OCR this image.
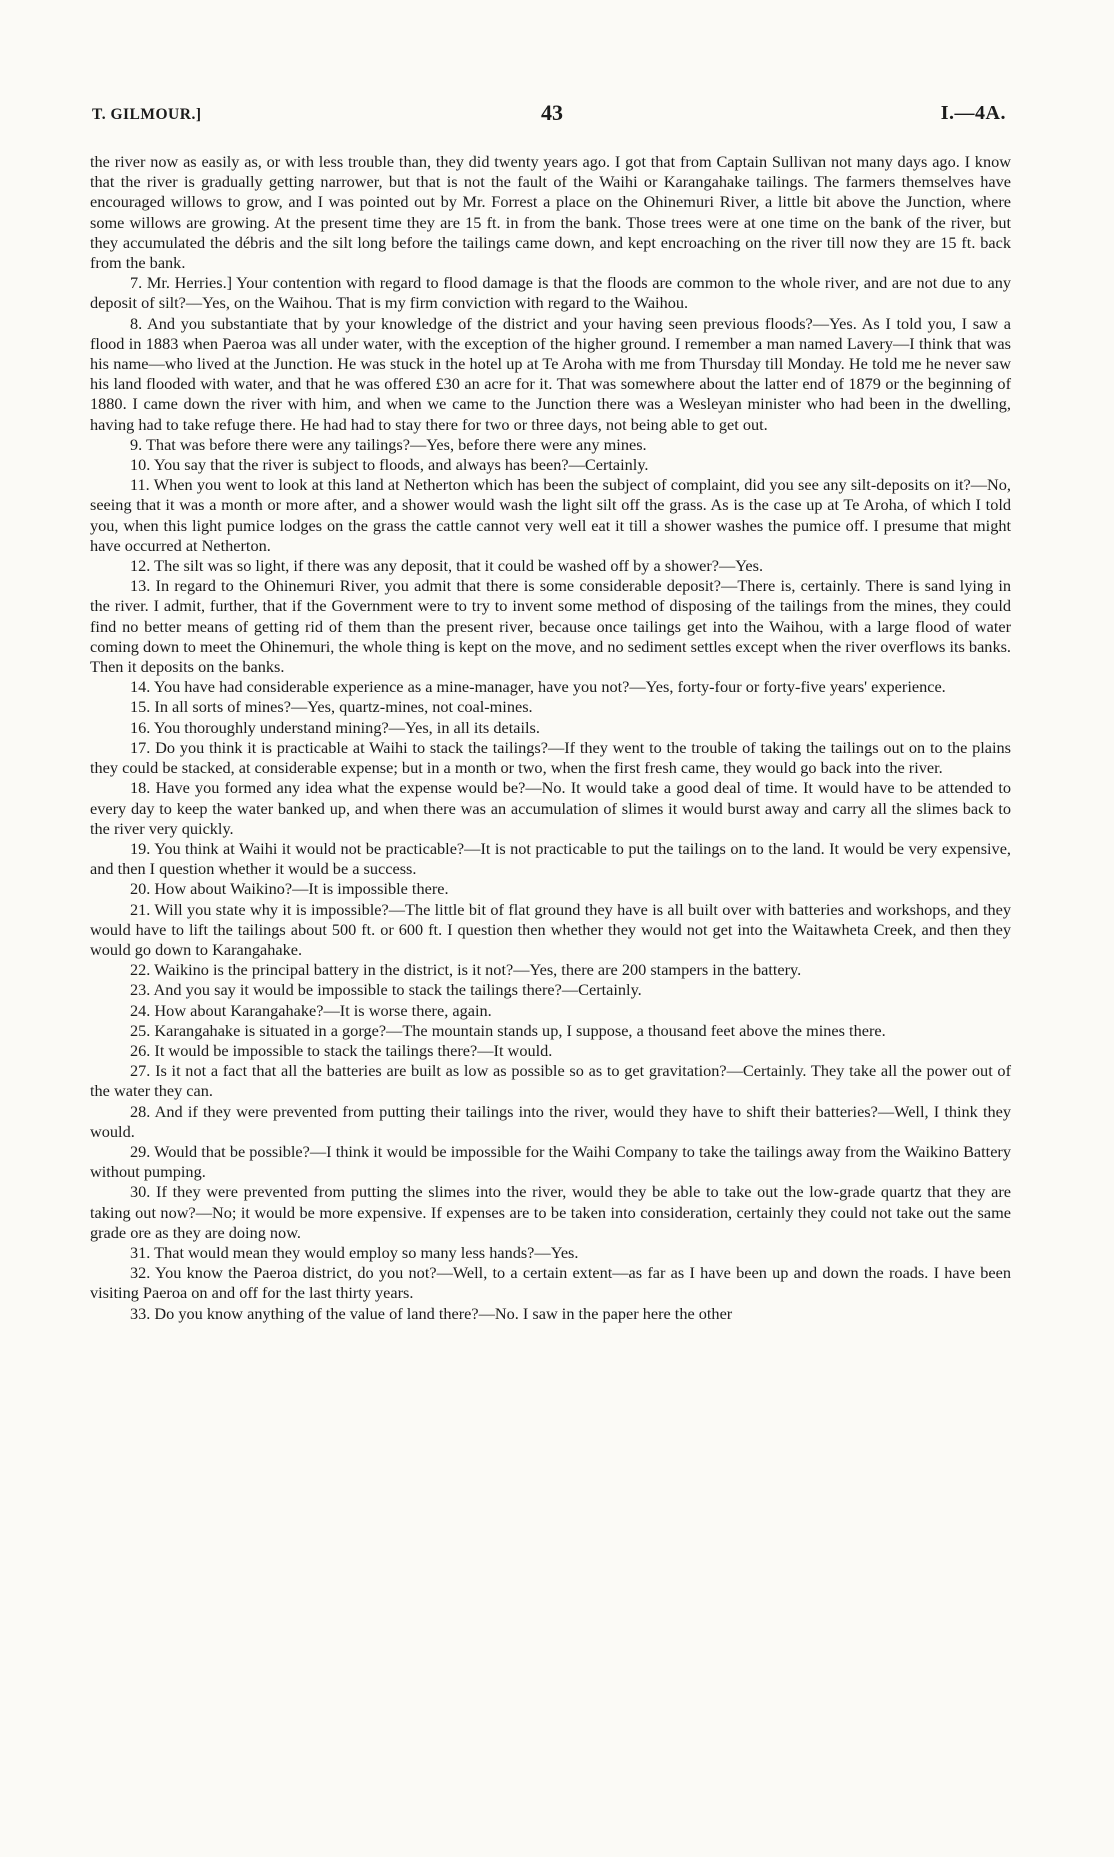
T. GILMOUR.]	43	I.—4A.

the river now as easily as, or with less trouble than, they did twenty years ago. I got that from Captain Sullivan not many days ago. I know that the river is gradually getting narrower, but that is not the fault of the Waihi or Karangahake tailings. The farmers themselves have encouraged willows to grow, and I was pointed out by Mr. Forrest a place on the Ohinemuri River, a little bit above the Junction, where some willows are growing. At the present time they are 15 ft. in from the bank. Those trees were at one time on the bank of the river, but they accumulated the débris and the silt long before the tailings came down, and kept encroaching on the river till now they are 15 ft. back from the bank.

7. Mr. Herries.] Your contention with regard to flood damage is that the floods are common to the whole river, and are not due to any deposit of silt?—Yes, on the Waihou. That is my firm conviction with regard to the Waihou.

8. And you substantiate that by your knowledge of the district and your having seen previous floods?—Yes. As I told you, I saw a flood in 1883 when Paeroa was all under water, with the exception of the higher ground. I remember a man named Lavery—I think that was his name—who lived at the Junction. He was stuck in the hotel up at Te Aroha with me from Thursday till Monday. He told me he never saw his land flooded with water, and that he was offered £30 an acre for it. That was somewhere about the latter end of 1879 or the beginning of 1880. I came down the river with him, and when we came to the Junction there was a Wesleyan minister who had been in the dwelling, having had to take refuge there. He had had to stay there for two or three days, not being able to get out.

9. That was before there were any tailings?—Yes, before there were any mines.

10. You say that the river is subject to floods, and always has been?—Certainly.

11. When you went to look at this land at Netherton which has been the subject of complaint, did you see any silt-deposits on it?—No, seeing that it was a month or more after, and a shower would wash the light silt off the grass. As is the case up at Te Aroha, of which I told you, when this light pumice lodges on the grass the cattle cannot very well eat it till a shower washes the pumice off. I presume that might have occurred at Netherton.

12. The silt was so light, if there was any deposit, that it could be washed off by a shower?—Yes.

13. In regard to the Ohinemuri River, you admit that there is some considerable deposit?—There is, certainly. There is sand lying in the river. I admit, further, that if the Government were to try to invent some method of disposing of the tailings from the mines, they could find no better means of getting rid of them than the present river, because once tailings get into the Waihou, with a large flood of water coming down to meet the Ohinemuri, the whole thing is kept on the move, and no sediment settles except when the river overflows its banks. Then it deposits on the banks.

14. You have had considerable experience as a mine-manager, have you not?—Yes, forty-four or forty-five years' experience.

15. In all sorts of mines?—Yes, quartz-mines, not coal-mines.

16. You thoroughly understand mining?—Yes, in all its details.

17. Do you think it is practicable at Waihi to stack the tailings?—If they went to the trouble of taking the tailings out on to the plains they could be stacked, at considerable expense; but in a month or two, when the first fresh came, they would go back into the river.

18. Have you formed any idea what the expense would be?—No. It would take a good deal of time. It would have to be attended to every day to keep the water banked up, and when there was an accumulation of slimes it would burst away and carry all the slimes back to the river very quickly.

19. You think at Waihi it would not be practicable?—It is not practicable to put the tailings on to the land. It would be very expensive, and then I question whether it would be a success.

20. How about Waikino?—It is impossible there.

21. Will you state why it is impossible?—The little bit of flat ground they have is all built over with batteries and workshops, and they would have to lift the tailings about 500 ft. or 600 ft. I question then whether they would not get into the Waitawheta Creek, and then they would go down to Karangahake.

22. Waikino is the principal battery in the district, is it not?—Yes, there are 200 stampers in the battery.

23. And you say it would be impossible to stack the tailings there?—Certainly.

24. How about Karangahake?—It is worse there, again.

25. Karangahake is situated in a gorge?—The mountain stands up, I suppose, a thousand feet above the mines there.

26. It would be impossible to stack the tailings there?—It would.

27. Is it not a fact that all the batteries are built as low as possible so as to get gravitation?—Certainly. They take all the power out of the water they can.

28. And if they were prevented from putting their tailings into the river, would they have to shift their batteries?—Well, I think they would.

29. Would that be possible?—I think it would be impossible for the Waihi Company to take the tailings away from the Waikino Battery without pumping.

30. If they were prevented from putting the slimes into the river, would they be able to take out the low-grade quartz that they are taking out now?—No; it would be more expensive. If expenses are to be taken into consideration, certainly they could not take out the same grade ore as they are doing now.

31. That would mean they would employ so many less hands?—Yes.

32. You know the Paeroa district, do you not?—Well, to a certain extent—as far as I have been up and down the roads. I have been visiting Paeroa on and off for the last thirty years.

33. Do you know anything of the value of land there?—No. I saw in the paper here the other
